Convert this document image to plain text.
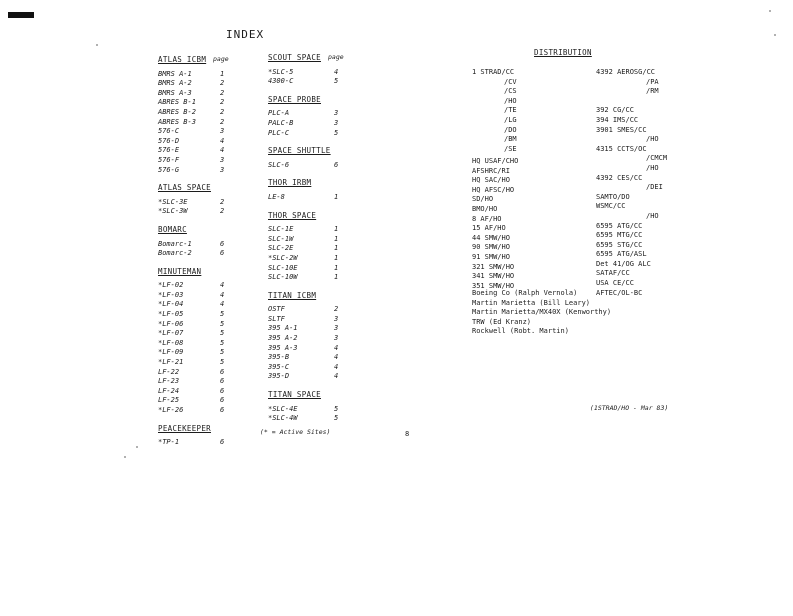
INDEX
page	page
ATLAS ICBM
BMRS A-1	1
BMRS A-2	2
BMRS A-3	2
ABRES B-1	2
ABRES B-2	2
ABRES B-3	2
576-C	3
576-D	4
576-E	4
576-F	3
576-G	3
ATLAS SPACE
*SLC-3E	2
*SLC-3W	2
BOMARC
Bomarc-1	6
Bomarc-2	6
MINUTEMAN
*LF-02	4
*LF-03	4
*LF-04	4
*LF-05	5
*LF-06	5
*LF-07	5
*LF-08	5
*LF-09	5
*LF-21	5
LF-22	6
LF-23	6
LF-24	6
LF-25	6
*LF-26	6
PEACEKEEPER
*TP-1	6
SCOUT SPACE
*SLC-5	4
4300-C	5
SPACE PROBE
PLC-A	3
PALC-B	3
PLC-C	5
SPACE SHUTTLE
SLC-6	6
THOR IRBM
LE-8	1
THOR SPACE
SLC-1E	1
SLC-1W	1
SLC-2E	1
*SLC-2W	1
SLC-10E	1
SLC-10W	1
TITAN ICBM
OSTF	2
SLTF	3
395 A-1	3
395 A-2	3
395 A-3	4
395-B	4
395-C	4
395-D	4
TITAN SPACE
*SLC-4E	5
*SLC-4W	5
(* = Active Sites)
DISTRIBUTION
1 STRAD/CC
/CV
/CS
/HO
/TE
/LG
/DO
/BM
/SE
HQ USAF/CHO
AFSHRC/RI
HQ SAC/HO
HQ AFSC/HO
SD/HO
BMO/HO
8 AF/HO
15 AF/HO
44 SMW/HO
90 SMW/HO
91 SMW/HO
321 SMW/HO
341 SMW/HO
351 SMW/HO
4392 AEROSG/CC
/PA
/RM
392 CG/CC
394 IMS/CC
3901 SMES/CC
/HO
4315 CCTS/OC
/CMCM
/HO
4392 CES/CC
/DEI
SAMTO/DO
WSMC/CC
/HO
6595 ATG/CC
6595 MTG/CC
6595 STG/CC
6595 ATG/ASL
Det 41/OG ALC
SATAF/CC
USA CE/CC
AFTEC/OL-BC
Boeing Co (Ralph Vernola)
Martin Marietta (Bill Leary)
Martin Marietta/MX40X (Kenworthy)
TRW (Ed Kranz)
Rockwell (Robt. Martin)
(1STRAD/HO - Mar 83)
8
